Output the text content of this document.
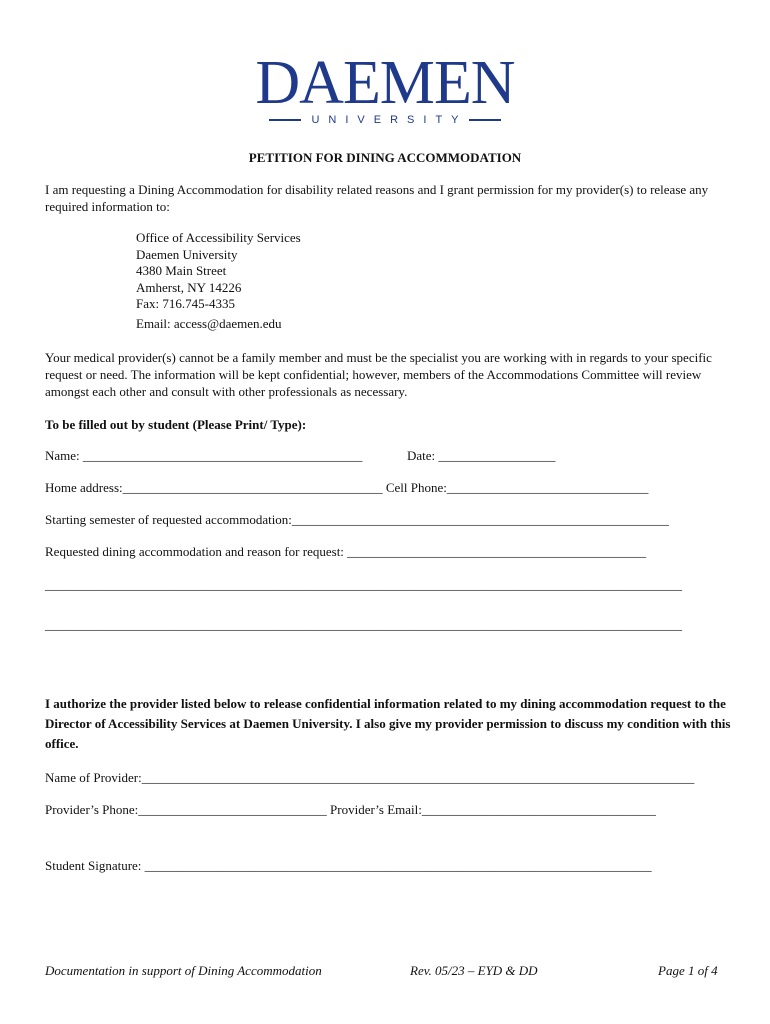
DAEMEN
UNIVERSITY
PETITION FOR DINING ACCOMMODATION
I am requesting a Dining Accommodation for disability related reasons and I grant permission for my provider(s) to release any required information to:
Office of Accessibility Services
Daemen University
4380 Main Street
Amherst, NY 14226
Fax: 716.745-4335
Email: access@daemen.edu
Your medical provider(s) cannot be a family member and must be the specialist you are working with in regards to your specific request or need. The information will be kept confidential; however, members of the Accommodations Committee will review amongst each other and consult with other professionals as necessary.
To be filled out by student (Please Print/ Type):
Name: ___________________________________________	Date: __________________
Home address:________________________________________ Cell Phone:_______________________________
Starting semester of requested accommodation:__________________________________________________________
Requested dining accommodation and reason for request: ______________________________________________
__________________________________________________________________________________________________
__________________________________________________________________________________________________
I authorize the provider listed below to release confidential information related to my dining accommodation request to the Director of Accessibility Services at Daemen University. I also give my provider permission to discuss my condition with this office.
Name of Provider:_____________________________________________________________________________________
Provider’s Phone:_____________________________ Provider’s Email:____________________________________
Student Signature: ______________________________________________________________________________
Documentation in support of Dining Accommodation	Rev. 05/23 – EYD & DD	Page 1 of 4
